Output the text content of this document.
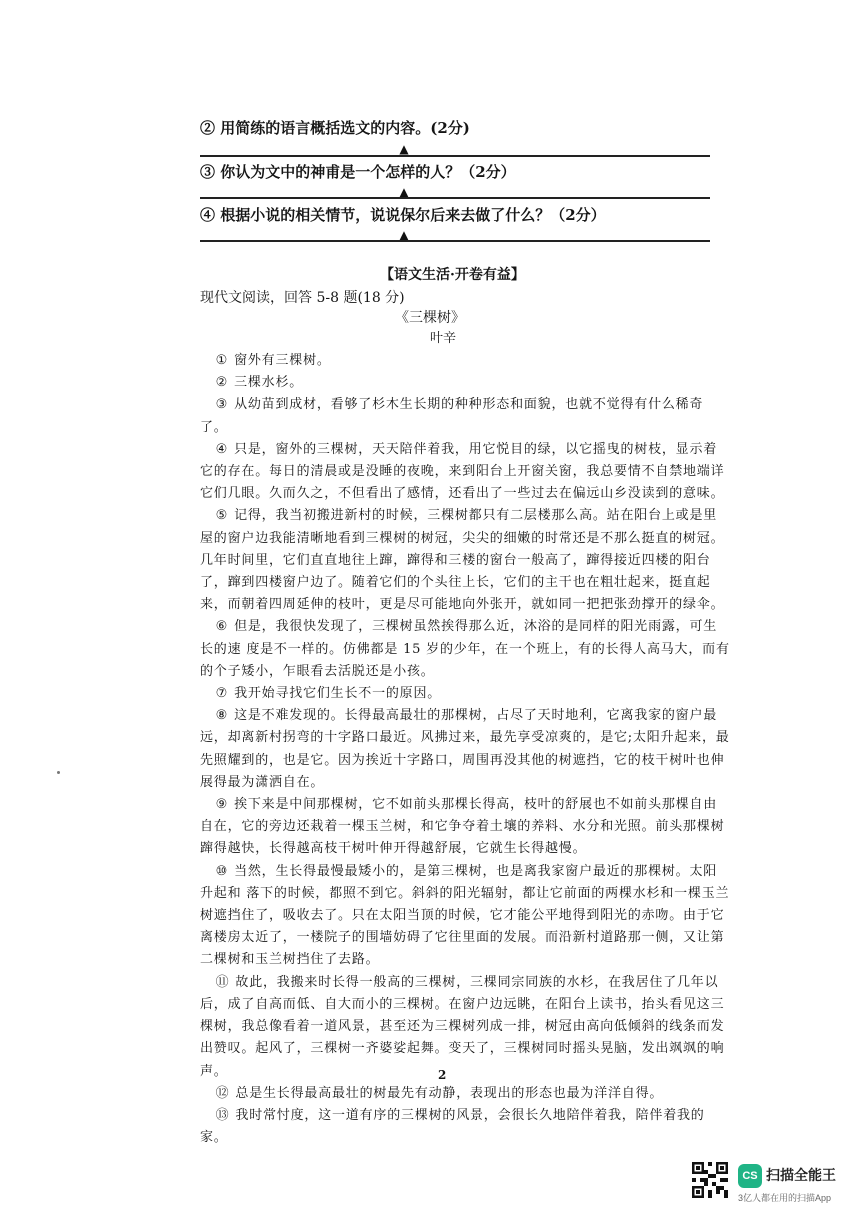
② 用简练的语言概括选文的内容。(2分)
▲
③ 你认为文中的神甫是一个怎样的人？（2分）
▲
④ 根据小说的相关情节，说说保尔后来去做了什么？（2分）
▲
【语文生活·开卷有益】
现代文阅读，回答 5-8 题(18 分)
《三棵树》
叶辛

① 窗外有三棵树。

② 三棵水杉。

③ 从幼苗到成材，看够了杉木生长期的种种形态和面貌，也就不觉得有什么稀奇了。

④ 只是，窗外的三棵树，天天陪伴着我，用它悦目的绿，以它摇曳的树枝，显示着它的存在。每日的清晨或是没睡的夜晚，来到阳台上开窗关窗，我总要情不自禁地端详它们几眼。久而久之，不但看出了感情，还看出了一些过去在偏远山乡没读到的意味。

⑤ 记得，我当初搬进新村的时候，三棵树都只有二层楼那么高。站在阳台上或是里屋的窗户边我能清晰地看到三棵树的树冠，尖尖的细嫩的时常还是不那么挺直的树冠。几年时间里，它们直直地往上蹿，蹿得和三楼的窗台一般高了，蹿得接近四楼的阳台了，蹿到四楼窗户边了。随着它们的个头往上长，它们的主干也在粗壮起来，挺直起来，而朝着四周延伸的枝叶，更是尽可能地向外张开，就如同一把把张劲撑开的绿伞。

⑥ 但是，我很快发现了，三棵树虽然挨得那么近，沐浴的是同样的阳光雨露，可生长的速 度是不一样的。仿佛都是 15 岁的少年，在一个班上，有的长得人高马大，而有的个子矮小，乍眼看去活脱还是小孩。

⑦ 我开始寻找它们生长不一的原因。

⑧ 这是不难发现的。长得最高最壮的那棵树，占尽了天时地利，它离我家的窗户最远，却离新村拐弯的十字路口最近。风拂过来，最先享受凉爽的，是它;太阳升起来，最先照耀到的，也是它。因为挨近十字路口，周围再没其他的树遮挡，它的枝干树叶也伸展得最为潇洒自在。

⑨ 挨下来是中间那棵树，它不如前头那棵长得高，枝叶的舒展也不如前头那棵自由自在，它的旁边还栽着一棵玉兰树，和它争夺着土壤的养料、水分和光照。前头那棵树蹿得越快，长得越高枝干树叶伸开得越舒展，它就生长得越慢。

⑩ 当然，生长得最慢最矮小的，是第三棵树，也是离我家窗户最近的那棵树。太阳升起和 落下的时候，都照不到它。斜斜的阳光辐射，都让它前面的两棵水杉和一棵玉兰树遮挡住了，吸收去了。只在太阳当顶的时候，它才能公平地得到阳光的赤吻。由于它离楼房太近了，一楼院子的围墙妨碍了它往里面的发展。而沿新村道路那一侧，又让第二棵树和玉兰树挡住了去路。

⑪ 故此，我搬来时长得一般高的三棵树，三棵同宗同族的水杉，在我居住了几年以后，成了自高而低、自大而小的三棵树。在窗户边远眺，在阳台上读书，抬头看见这三棵树，我总像看着一道风景，甚至还为三棵树列成一排，树冠由高向低倾斜的线条而发出赞叹。起风了，三棵树一齐婆娑起舞。变天了，三棵树同时摇头晃脑，发出飒飒的响声。

⑫ 总是生长得最高最壮的树最先有动静，表现出的形态也最为洋洋自得。

⑬ 我时常忖度，这一道有序的三棵树的风景，会很长久地陪伴着我，陪伴着我的家。

2
CS 扫描全能王
3亿人都在用的扫描App
